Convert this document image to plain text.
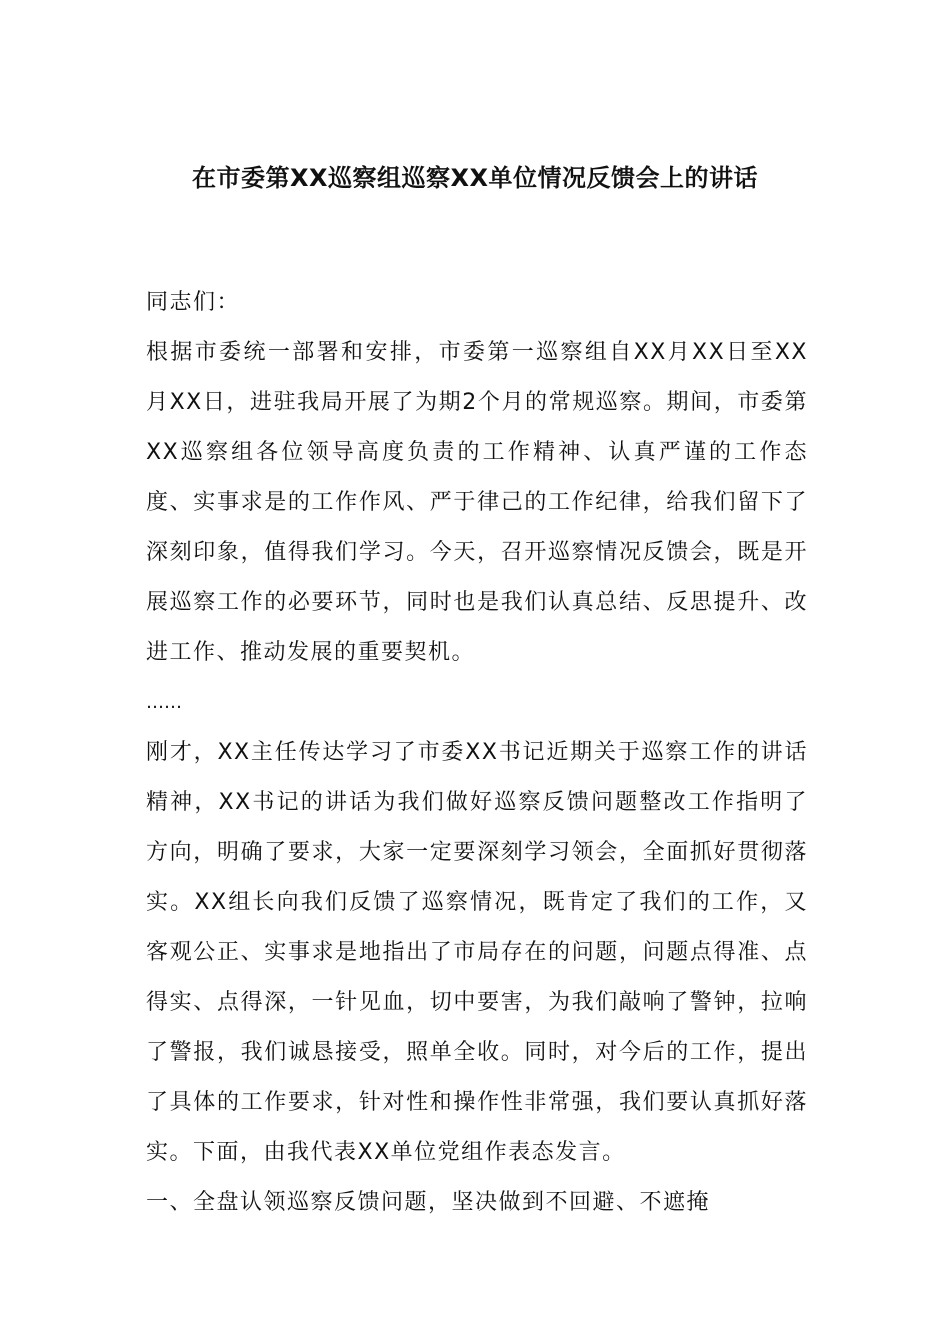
在市委第XX巡察组巡察XX单位情况反馈会上的讲话

同志们：

根据市委统一部署和安排，市委第一巡察组自XX月XX日至XX月XX日，进驻我局开展了为期2个月的常规巡察。期间，市委第XX巡察组各位领导高度负责的工作精神、认真严谨的工作态度、实事求是的工作作风、严于律己的工作纪律，给我们留下了深刻印象，值得我们学习。今天，召开巡察情况反馈会，既是开展巡察工作的必要环节，同时也是我们认真总结、反思提升、改进工作、推动发展的重要契机。

……

刚才，XX主任传达学习了市委XX书记近期关于巡察工作的讲话精神，XX书记的讲话为我们做好巡察反馈问题整改工作指明了方向，明确了要求，大家一定要深刻学习领会，全面抓好贯彻落实。XX组长向我们反馈了巡察情况，既肯定了我们的工作，又客观公正、实事求是地指出了市局存在的问题，问题点得准、点得实、点得深，一针见血，切中要害，为我们敲响了警钟，拉响了警报，我们诚恳接受，照单全收。同时，对今后的工作，提出了具体的工作要求，针对性和操作性非常强，我们要认真抓好落实。下面，由我代表XX单位党组作表态发言。

一、全盘认领巡察反馈问题，坚决做到不回避、不遮掩
